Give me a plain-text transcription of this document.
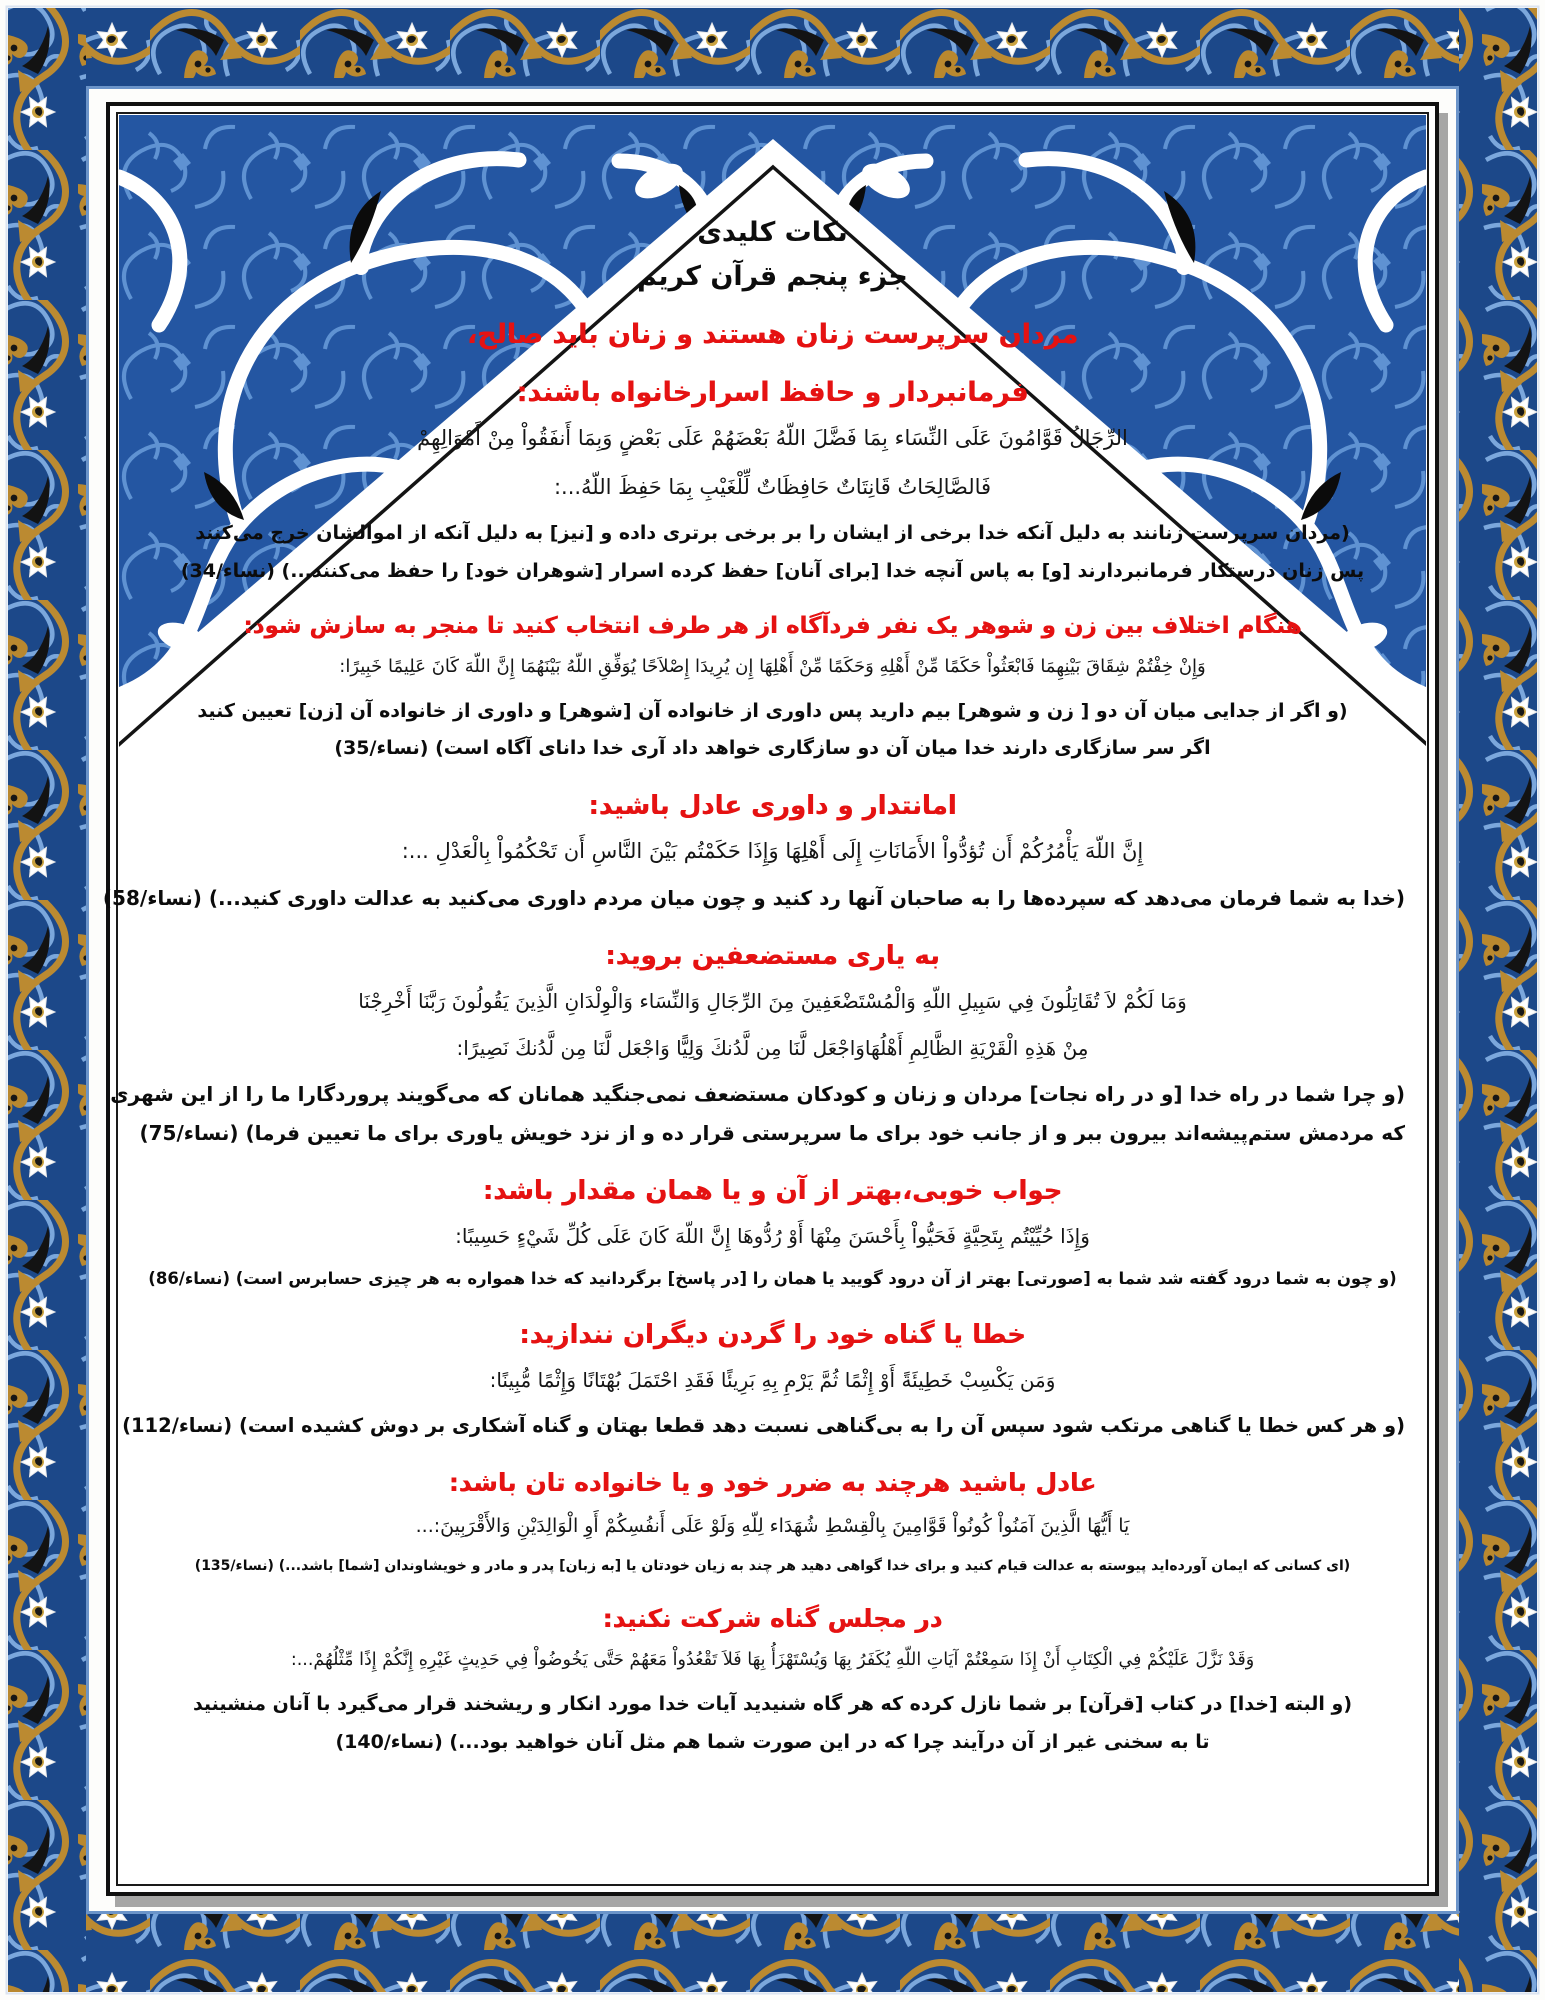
نکات کلیدی
جزء پنجم قرآن کریم
مردان سرپرست زنان هستند و زنان باید صالح،
فرمانبردار و حافظ اسرارخانواه باشند:
الرِّجَالُ قَوَّامُونَ عَلَى النِّسَاء بِمَا فَضَّلَ اللّهُ بَعْضَهُمْ عَلَى بَعْضٍ وَبِمَا أَنفَقُواْ مِنْ أَمْوَالِهِمْ
فَالصَّالِحَاتُ قَانِتَاتٌ حَافِظَاتٌ لِّلْغَيْبِ بِمَا حَفِظَ اللّهُ...:
(مردان سرپرست زنانند به دلیل آنکه خدا برخی از ایشان را بر برخی برتری داده و [نیز] به دلیل آنکه از اموالشان خرج می‌کنند
پس زنان درستکار فرمانبردارند [و] به پاس آنچه خدا [برای آنان] حفظ کرده اسرار [شوهران خود] را حفظ می‌کنند...) (نساء/34)
هنگام اختلاف بین زن و شوهر یک نفر فردآگاه از هر طرف انتخاب کنید تا منجر به سازش شود:
وَإِنْ خِفْتُمْ شِقَاقَ بَيْنِهِمَا فَابْعَثُواْ حَكَمًا مِّنْ أَهْلِهِ وَحَكَمًا مِّنْ أَهْلِهَا إِن يُرِيدَا إِصْلاَحًا يُوَفِّقِ اللّهُ بَيْنَهُمَا إِنَّ اللّهَ كَانَ عَلِيمًا خَبِيرًا:
(و اگر از جدایی میان آن دو [ زن و شوهر] بیم دارید پس داوری از خانواده آن [شوهر] و داوری از خانواده آن [زن] تعیین کنید
اگر سر سازگاری دارند خدا میان آن دو سازگاری خواهد داد آری خدا دانای آگاه است) (نساء/35)
امانتدار و داوری عادل باشید:
إِنَّ اللّهَ يَأْمُرُكُمْ أَن تُؤدُّواْ الأَمَانَاتِ إِلَى أَهْلِهَا وَإِذَا حَكَمْتُم بَيْنَ النَّاسِ أَن تَحْكُمُواْ بِالْعَدْلِ ...:
(خدا به شما فرمان می‌دهد که سپرده‌ها را به صاحبان آنها رد کنید و چون میان مردم داوری می‌کنید به عدالت داوری کنید...) (نساء/58)
به یاری مستضعفین بروید:
وَمَا لَكُمْ لاَ تُقَاتِلُونَ فِي سَبِيلِ اللّهِ وَالْمُسْتَضْعَفِينَ مِنَ الرِّجَالِ وَالنِّسَاء وَالْوِلْدَانِ الَّذِينَ يَقُولُونَ رَبَّنَا أَخْرِجْنَا
مِنْ هَذِهِ الْقَرْيَةِ الظَّالِمِ أَهْلُهَاوَاجْعَل لَّنَا مِن لَّدُنكَ وَلِيًّا وَاجْعَل لَّنَا مِن لَّدُنكَ نَصِيرًا:
(و چرا شما در راه خدا [و در راه نجات] مردان و زنان و کودکان مستضعف نمی‌جنگید همانان که می‌گویند پروردگارا ما را از این شهری
که مردمش ستم‌پیشه‌اند بیرون ببر و از جانب خود برای ما سرپرستی قرار ده و از نزد خویش یاوری برای ما تعیین فرما) (نساء/75)
جواب خوبی،بهتر از آن و یا همان مقدار باشد:
وَإِذَا حُيِّيْتُم بِتَحِيَّةٍ فَحَيُّواْ بِأَحْسَنَ مِنْهَا أَوْ رُدُّوهَا إِنَّ اللّهَ كَانَ عَلَى كُلِّ شَيْءٍ حَسِيبًا:
(و چون به شما درود گفته شد شما به [صورتی] بهتر از آن درود گویید یا همان را [در پاسخ] برگردانید که خدا همواره به هر چیزی حسابرس است) (نساء/86)
خطا یا گناه خود را گردن دیگران نندازید:
وَمَن يَكْسِبْ خَطِيئَةً أَوْ إِثْمًا ثُمَّ يَرْمِ بِهِ بَرِيئًا فَقَدِ احْتَمَلَ بُهْتَانًا وَإِثْمًا مُّبِينًا:
(و هر کس خطا یا گناهی مرتکب شود سپس آن را به بی‌گناهی نسبت دهد قطعا بهتان و گناه آشکاری بر دوش کشیده است) (نساء/112)
عادل باشید هرچند به ضرر خود و یا خانواده تان باشد:
يَا أَيُّهَا الَّذِينَ آمَنُواْ كُونُواْ قَوَّامِينَ بِالْقِسْطِ شُهَدَاء لِلّهِ وَلَوْ عَلَى أَنفُسِكُمْ أَوِ الْوَالِدَيْنِ وَالأَقْرَبِينَ:...
(ای کسانی که ایمان آورده‌اید پیوسته به عدالت قیام کنید و برای خدا گواهی دهید هر چند به زیان خودتان یا [به زبان] پدر و مادر و خویشاوندان [شما] باشد...) (نساء/135)
در مجلس گناه شرکت نکنید:
وَقَدْ نَزَّلَ عَلَيْكُمْ فِي الْكِتَابِ أَنْ إِذَا سَمِعْتُمْ آيَاتِ اللّهِ يُكَفَرُ بِهَا وَيُسْتَهْزَأُ بِهَا فَلاَ تَقْعُدُواْ مَعَهُمْ حَتَّى يَخُوضُواْ فِي حَدِيثٍ غَيْرِهِ إِنَّكُمْ إِذًا مِّثْلُهُمْ...:
(و البته [خدا] در کتاب [قرآن] بر شما نازل کرده که هر گاه شنیدید آیات خدا مورد انکار و ریشخند قرار می‌گیرد با آنان منشینید
تا به سخنی غیر از آن درآیند چرا که در این صورت شما هم مثل آنان خواهید بود...) (نساء/140)
